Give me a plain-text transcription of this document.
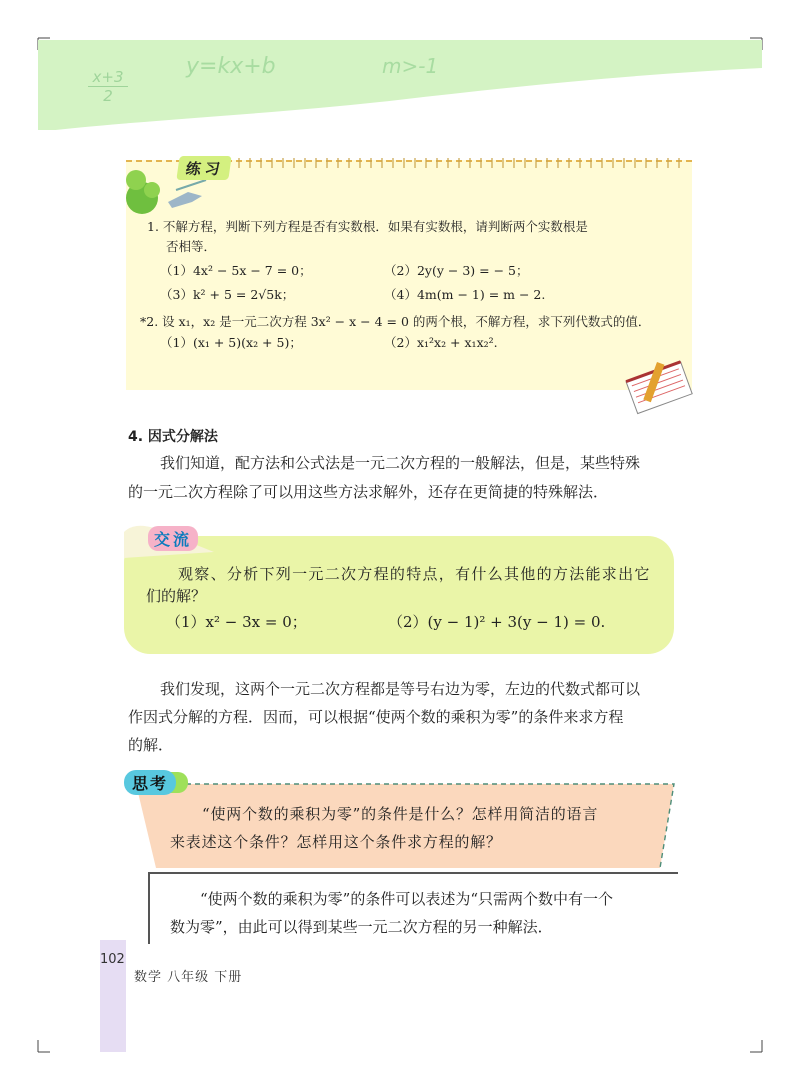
$\frac{x+3}{2}$
y=kx+b	m>-1
练习
1. 不解方程，判断下列方程是否有实数根．如果有实数根，请判断两个实数根是
否相等．
（1）4x² − 5x − 7 = 0；	（2）2y(y − 3) = − 5；
（3）k² + 5 = 2√5k；	（4）4m(m − 1) = m − 2.
*2. 设 x₁，x₂ 是一元二次方程 3x² − x − 4 = 0 的两个根，不解方程，求下列代数式的值．
（1）(x₁ + 5)(x₂ + 5)；	（2）x₁²x₂ + x₁x₂².
4. 因式分解法
我们知道，配方法和公式法是一元二次方程的一般解法，但是，某些特殊
的一元二次方程除了可以用这些方法求解外，还存在更简捷的特殊解法．
交流
观察、分析下列一元二次方程的特点，有什么其他的方法能求出它
们的解？
（1）x² − 3x = 0；	（2）(y − 1)² + 3(y − 1) = 0.
我们发现，这两个一元二次方程都是等号右边为零，左边的代数式都可以
作因式分解的方程．因而，可以根据“使两个数的乘积为零”的条件来求方程
的解．
思考
“使两个数的乘积为零”的条件是什么？怎样用简洁的语言
来表述这个条件？怎样用这个条件求方程的解？
“使两个数的乘积为零”的条件可以表述为“只需两个数中有一个
数为零”，由此可以得到某些一元二次方程的另一种解法．
102
数学 八年级 下册
